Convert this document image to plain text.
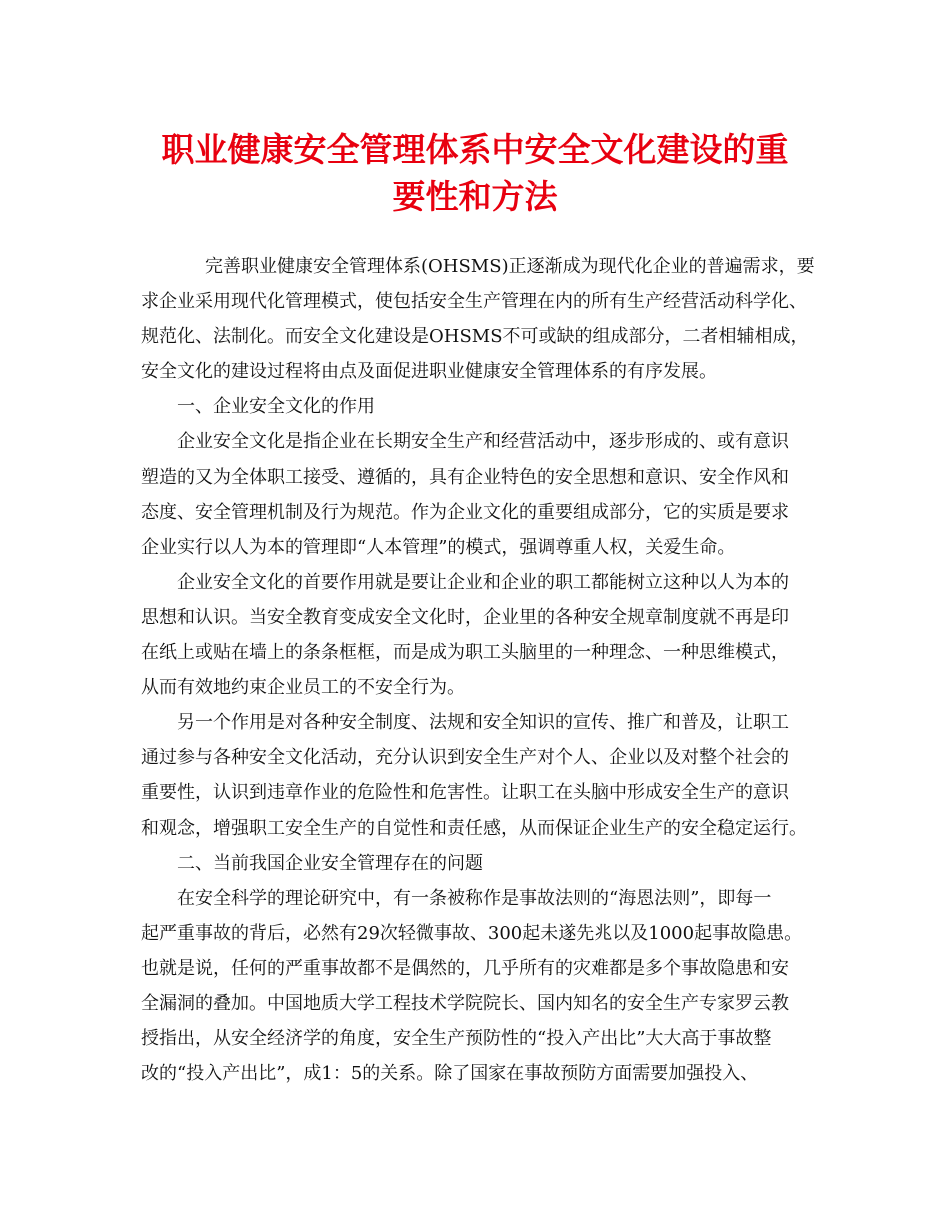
职业健康安全管理体系中安全文化建设的重
要性和方法
完善职业健康安全管理体系(OHSMS)正逐渐成为现代化企业的普遍需求，要
求企业采用现代化管理模式，使包括安全生产管理在内的所有生产经营活动科学化、
规范化、法制化。而安全文化建设是OHSMS不可或缺的组成部分，二者相辅相成，
安全文化的建设过程将由点及面促进职业健康安全管理体系的有序发展。
一、企业安全文化的作用
企业安全文化是指企业在长期安全生产和经营活动中，逐步形成的、或有意识
塑造的又为全体职工接受、遵循的，具有企业特色的安全思想和意识、安全作风和
态度、安全管理机制及行为规范。作为企业文化的重要组成部分，它的实质是要求
企业实行以人为本的管理即“人本管理”的模式，强调尊重人权，关爱生命。
企业安全文化的首要作用就是要让企业和企业的职工都能树立这种以人为本的
思想和认识。当安全教育变成安全文化时，企业里的各种安全规章制度就不再是印
在纸上或贴在墙上的条条框框，而是成为职工头脑里的一种理念、一种思维模式，
从而有效地约束企业员工的不安全行为。
另一个作用是对各种安全制度、法规和安全知识的宣传、推广和普及，让职工
通过参与各种安全文化活动，充分认识到安全生产对个人、企业以及对整个社会的
重要性，认识到违章作业的危险性和危害性。让职工在头脑中形成安全生产的意识
和观念，增强职工安全生产的自觉性和责任感，从而保证企业生产的安全稳定运行。
二、当前我国企业安全管理存在的问题
在安全科学的理论研究中，有一条被称作是事故法则的“海恩法则”，即每一
起严重事故的背后，必然有29次轻微事故、300起未遂先兆以及1000起事故隐患。
也就是说，任何的严重事故都不是偶然的，几乎所有的灾难都是多个事故隐患和安
全漏洞的叠加。中国地质大学工程技术学院院长、国内知名的安全生产专家罗云教
授指出，从安全经济学的角度，安全生产预防性的“投入产出比”大大高于事故整
改的“投入产出比”，成1：5的关系。除了国家在事故预防方面需要加强投入、
